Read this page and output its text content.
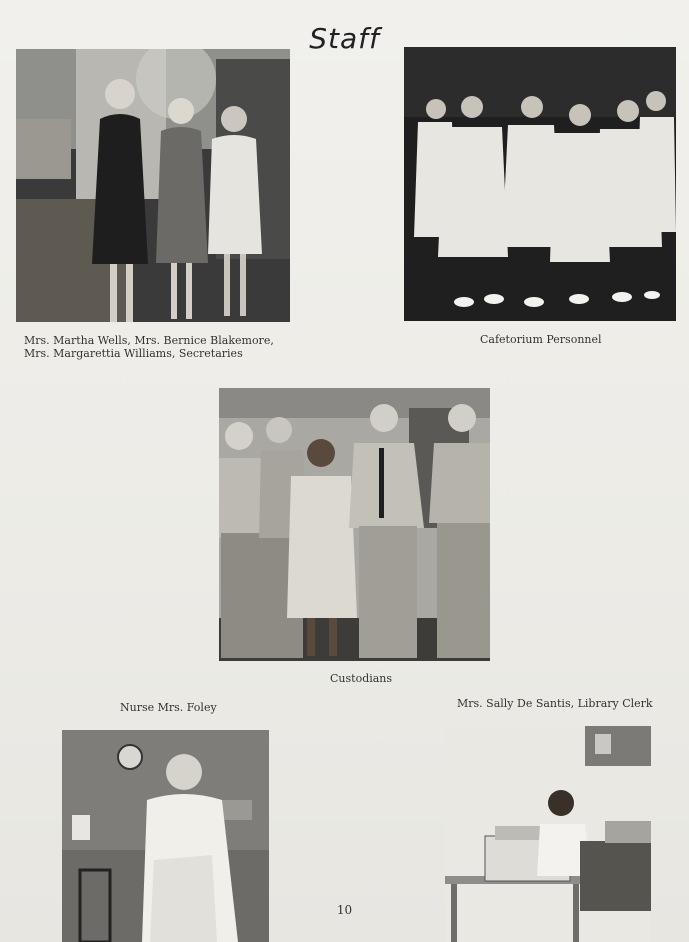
Staff
Mrs. Martha Wells, Mrs. Bernice Blakemore, Mrs. Margarettia Williams, Secretaries
Cafetorium Personnel
Custodians
Nurse Mrs. Foley	Mrs. Sally De Santis, Library Clerk
10
